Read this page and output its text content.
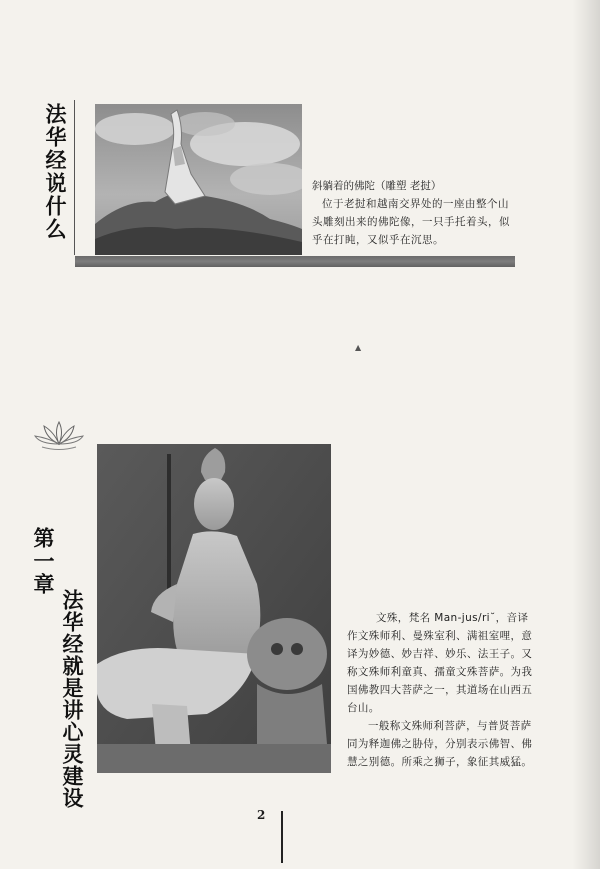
法华经说什么	斜躺着的佛陀（雕塑 老挝）

位于老挝和越南交界处的一座由整个山头雕刻出来的佛陀像，一只手托着头，似乎在打盹，又似乎在沉思。

▲
第一章
法华经就是讲心灵建设	文殊，梵名 Man-jus/ri˘，音译作文殊师利、曼殊室利、满祖室哩，意译为妙德、妙吉祥、妙乐、法王子。又称文殊师利童真、孺童文殊菩萨。为我国佛教四大菩萨之一，其道场在山西五台山。

一般称文殊师利菩萨，与普贤菩萨同为释迦佛之胁侍，分别表示佛智、佛慧之别德。所乘之狮子，象征其威猛。

2
